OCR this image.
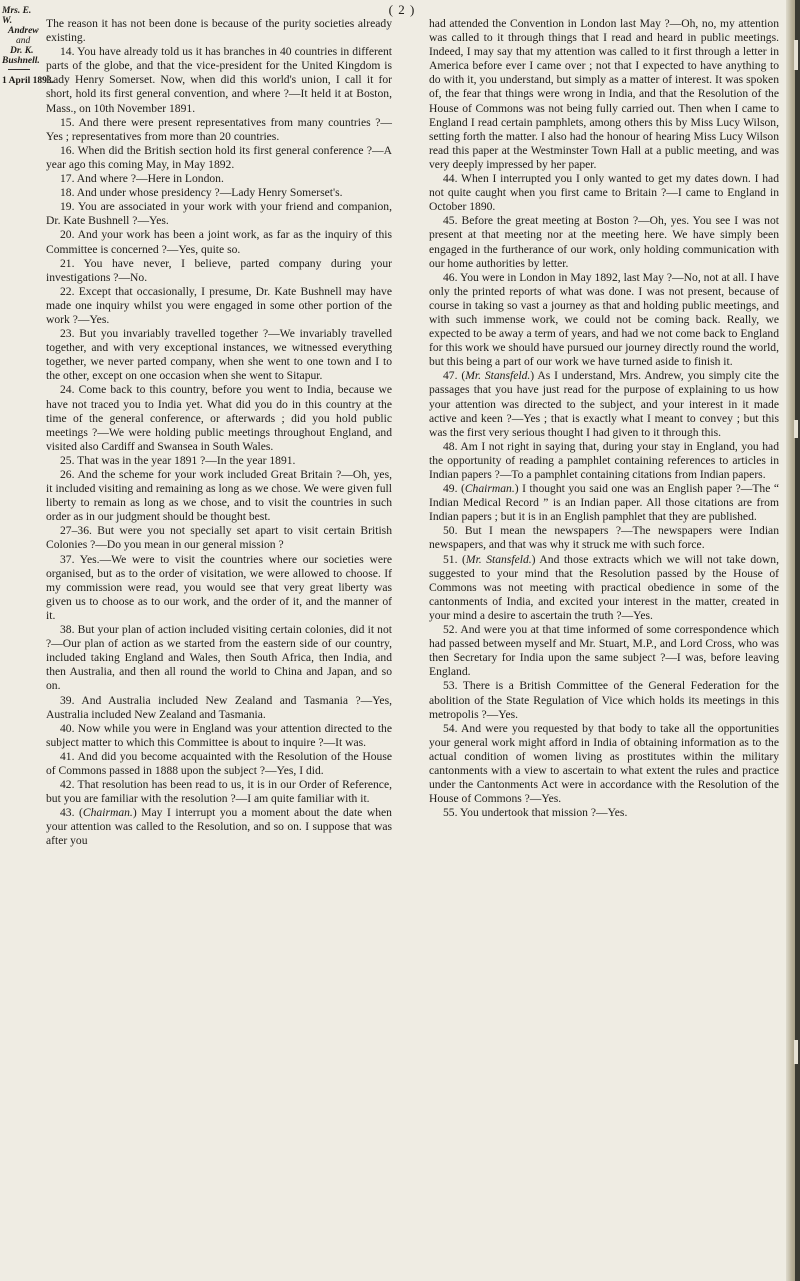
( 2 )
Mrs. E. W.
Andrew
and
Dr. K.
Bushnell.
1 April 1893.

The reason it has not been done is because of the purity societies already existing.

14. You have already told us it has branches in 40 countries in different parts of the globe, and that the vice-president for the United Kingdom is Lady Henry Somerset. Now, when did this world's union, I call it for short, hold its first general convention, and where ?—It held it at Boston, Mass., on 10th November 1891.

15. And there were present representatives from many countries ?—Yes ; representatives from more than 20 countries.

16. When did the British section hold its first general conference ?—A year ago this coming May, in May 1892.

17. And where ?—Here in London.

18. And under whose presidency ?—Lady Henry Somerset's.

19. You are associated in your work with your friend and companion, Dr. Kate Bushnell ?—Yes.

20. And your work has been a joint work, as far as the inquiry of this Committee is concerned ?—Yes, quite so.

21. You have never, I believe, parted company during your investigations ?—No.

22. Except that occasionally, I presume, Dr. Kate Bushnell may have made one inquiry whilst you were engaged in some other portion of the work ?—Yes.

23. But you invariably travelled together ?—We invariably travelled together, and with very exceptional instances, we witnessed everything together, we never parted company, when she went to one town and I to the other, except on one occasion when she went to Sitapur.

24. Come back to this country, before you went to India, because we have not traced you to India yet. What did you do in this country at the time of the general conference, or afterwards ; did you hold public meetings ?—We were holding public meetings throughout England, and visited also Cardiff and Swansea in South Wales.

25. That was in the year 1891 ?—In the year 1891.

26. And the scheme for your work included Great Britain ?—Oh, yes, it included visiting and remaining as long as we chose. We were given full liberty to remain as long as we chose, and to visit the countries in such order as in our judgment should be thought best.

27–36. But were you not specially set apart to visit certain British Colonies ?—Do you mean in our general mission ?

37. Yes.—We were to visit the countries where our societies were organised, but as to the order of visitation, we were allowed to choose. If my commission were read, you would see that very great liberty was given us to choose as to our work, and the order of it, and the manner of it.

38. But your plan of action included visiting certain colonies, did it not ?—Our plan of action as we started from the eastern side of our country, included taking England and Wales, then South Africa, then India, and then Australia, and then all round the world to China and Japan, and so on.

39. And Australia included New Zealand and Tasmania ?—Yes, Australia included New Zealand and Tasmania.

40. Now while you were in England was your attention directed to the subject matter to which this Committee is about to inquire ?—It was.

41. And did you become acquainted with the Resolution of the House of Commons passed in 1888 upon the subject ?—Yes, I did.

42. That resolution has been read to us, it is in our Order of Reference, but you are familiar with the resolution ?—I am quite familiar with it.

43. (Chairman.) May I interrupt you a moment about the date when your attention was called to the Resolution, and so on. I suppose that was after you

had attended the Convention in London last May ?—Oh, no, my attention was called to it through things that I read and heard in public meetings. Indeed, I may say that my attention was called to it first through a letter in America before ever I came over ; not that I expected to have anything to do with it, you understand, but simply as a matter of interest. It was spoken of, the fear that things were wrong in India, and that the Resolution of the House of Commons was not being fully carried out. Then when I came to England I read certain pamphlets, among others this by Miss Lucy Wilson, setting forth the matter. I also had the honour of hearing Miss Lucy Wilson read this paper at the Westminster Town Hall at a public meeting, and was very deeply impressed by her paper.

44. When I interrupted you I only wanted to get my dates down. I had not quite caught when you first came to Britain ?—I came to England in October 1890.

45. Before the great meeting at Boston ?—Oh, yes. You see I was not present at that meeting nor at the meeting here. We have simply been engaged in the furtherance of our work, only holding communication with our home authorities by letter.

46. You were in London in May 1892, last May ?—No, not at all. I have only the printed reports of what was done. I was not present, because of course in taking so vast a journey as that and holding public meetings, and with such immense work, we could not be coming back. Really, we expected to be away a term of years, and had we not come back to England for this work we should have pursued our journey directly round the world, but this being a part of our work we have turned aside to finish it.

47. (Mr. Stansfeld.) As I understand, Mrs. Andrew, you simply cite the passages that you have just read for the purpose of explaining to us how your attention was directed to the subject, and your interest in it made active and keen ?—Yes ; that is exactly what I meant to convey ; but this was the first very serious thought I had given to it through this.

48. Am I not right in saying that, during your stay in England, you had the opportunity of reading a pamphlet containing references to articles in Indian papers ?—To a pamphlet containing citations from Indian papers.

49. (Chairman.) I thought you said one was an English paper ?—The “ Indian Medical Record ” is an Indian paper. All those citations are from Indian papers ; but it is in an English pamphlet that they are published.

50. But I mean the newspapers ?—The newspapers were Indian newspapers, and that was why it struck me with such force.

51. (Mr. Stansfeld.) And those extracts which we will not take down, suggested to your mind that the Resolution passed by the House of Commons was not meeting with practical obedience in some of the cantonments of India, and excited your interest in the matter, created in your mind a desire to ascertain the truth ?—Yes.

52. And were you at that time informed of some correspondence which had passed between myself and Mr. Stuart, M.P., and Lord Cross, who was then Secretary for India upon the same subject ?—I was, before leaving England.

53. There is a British Committee of the General Federation for the abolition of the State Regulation of Vice which holds its meetings in this metropolis ?—Yes.

54. And were you requested by that body to take all the opportunities your general work might afford in India of obtaining information as to the actual condition of women living as prostitutes within the military cantonments with a view to ascertain to what extent the rules and practice under the Cantonments Act were in accordance with the Resolution of the House of Commons ?—Yes.

55. You undertook that mission ?—Yes.
